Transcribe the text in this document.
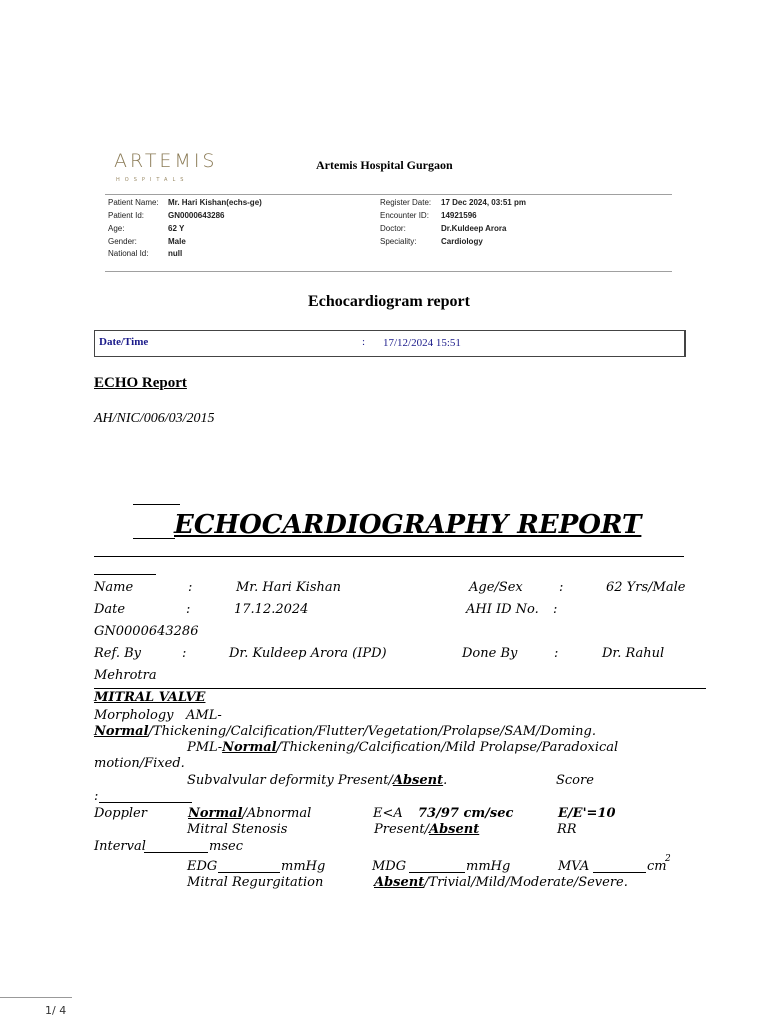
ARTEMIS
HOSPITALS
Artemis Hospital Gurgaon
Patient Name: Mr. Hari Kishan(echs-ge)
Patient Id:	GN0000643286
Age:	62 Y
Gender:	Male
National Id: null
Register Date: 17 Dec 2024, 03:51 pm
Encounter ID: 14921596
Doctor:	Dr.Kuldeep Arora
Speciality:	Cardiology
Echocardiogram report
Date/Time	: 17/12/2024 15:51
ECHO Report
AH/NIC/006/03/2015
ECHOCARDIOGRAPHY REPORT
Name	:	Mr. Hari Kishan	Age/Sex	:	62 Yrs/Male
Date	:	17.12.2024	AHI ID No. :
GN0000643286
Ref. By	:	Dr. Kuldeep Arora (IPD)	Done By	:	Dr. Rahul
Mehrotra
MITRAL VALVE
Morphology AML-
Normal/Thickening/Calcification/Flutter/Vegetation/Prolapse/SAM/Doming.
PML-Normal/Thickening/Calcification/Mild Prolapse/Paradoxical
motion/Fixed.
Subvalvular deformity Present/Absent.	Score
:
Doppler	Normal/Abnormal	E<A 73/97 cm/sec	E/E'=10
Mitral Stenosis	Present/Absent	RR
Interval	msec
EDG	mmHg	MDG	mmHg	MVA	cm
2
Mitral Regurgitation	Absent/Trivial/Mild/Moderate/Severe.
1/ 4
